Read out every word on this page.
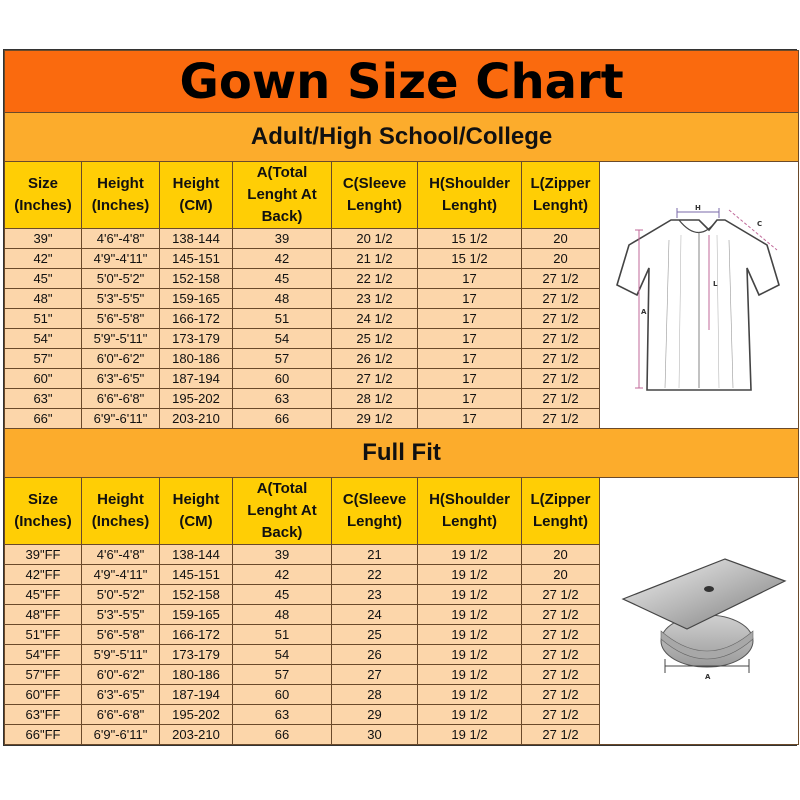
Gown Size Chart							
Adult/High School/College							
Size (Inches)	Height (Inches)	Height (CM)	A(Total Lenght At Back)	C(Sleeve Lenght)	H(Shoulder Lenght)	L(Zipper Lenght)	H
C
A
L

39"	4'6"-4'8"	138-144	39	20 1/2	15 1/2	20	
42"	4'9"-4'11"	145-151	42	21 1/2	15 1/2	20	
45"	5'0"-5'2"	152-158	45	22 1/2	17	27 1/2	
48"	5'3"-5'5"	159-165	48	23 1/2	17	27 1/2	
51"	5'6"-5'8"	166-172	51	24 1/2	17	27 1/2	
54"	5'9"-5'11"	173-179	54	25 1/2	17	27 1/2	
57"	6'0"-6'2"	180-186	57	26 1/2	17	27 1/2	
60"	6'3"-6'5"	187-194	60	27 1/2	17	27 1/2	
63"	6'6"-6'8"	195-202	63	28 1/2	17	27 1/2	
66"	6'9"-6'11"	203-210	66	29 1/2	17	27 1/2	
Full Fit							
Size (Inches)	Height (Inches)	Height (CM)	A(Total Lenght At Back)	C(Sleeve Lenght)	H(Shoulder Lenght)	L(Zipper Lenght)	A

39"FF	4'6"-4'8"	138-144	39	21	19 1/2	20	
42"FF	4'9"-4'11"	145-151	42	22	19 1/2	20	
45"FF	5'0"-5'2"	152-158	45	23	19 1/2	27 1/2	
48"FF	5'3"-5'5"	159-165	48	24	19 1/2	27 1/2	
51"FF	5'6"-5'8"	166-172	51	25	19 1/2	27 1/2	
54"FF	5'9"-5'11"	173-179	54	26	19 1/2	27 1/2	
57"FF	6'0"-6'2"	180-186	57	27	19 1/2	27 1/2	
60"FF	6'3"-6'5"	187-194	60	28	19 1/2	27 1/2	
63"FF	6'6"-6'8"	195-202	63	29	19 1/2	27 1/2	
66"FF	6'9"-6'11"	203-210	66	30	19 1/2	27 1/2	
